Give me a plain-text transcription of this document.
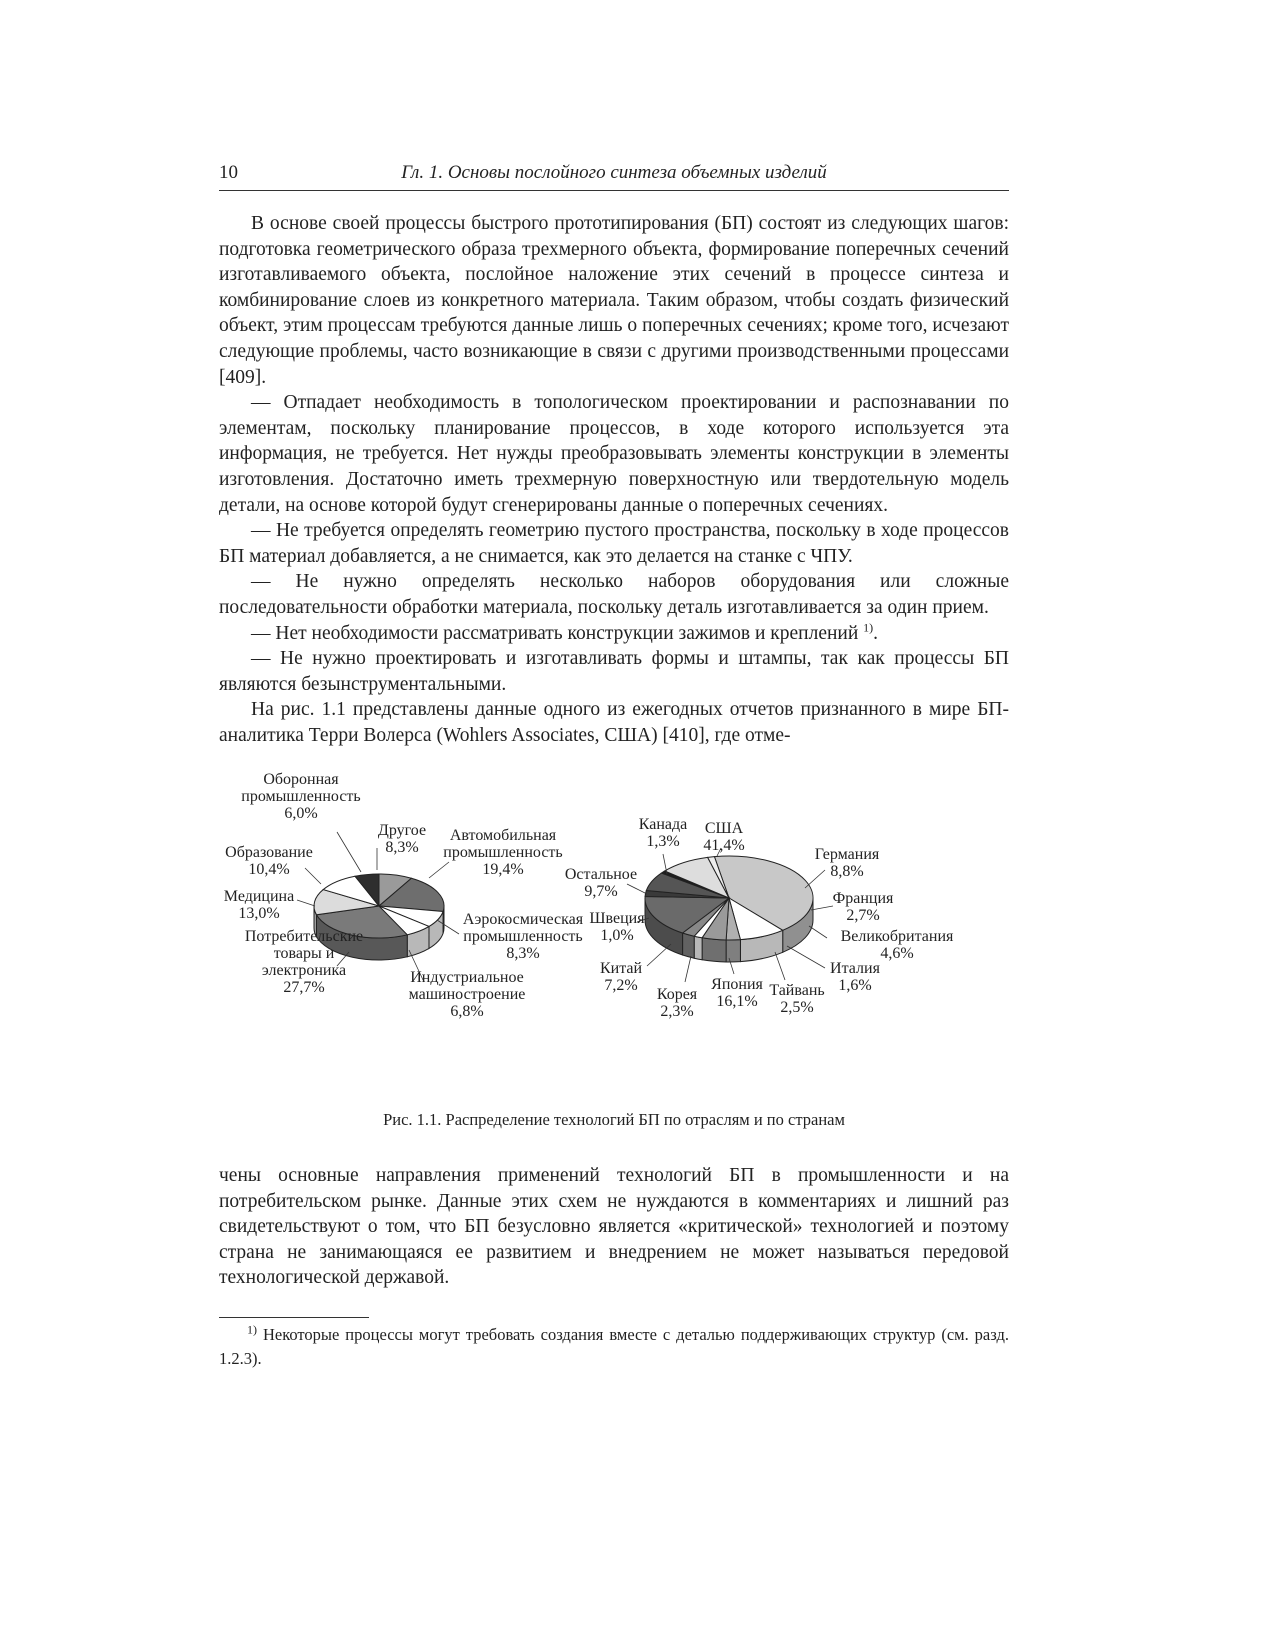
10	Гл. 1. Основы послойного синтеза объемных изделий

В основе своей процессы быстрого прототипирования (БП) состоят из следующих шагов: подготовка геометрического образа трехмерного объекта, формирование поперечных сечений изготавливаемого объекта, послойное наложение этих сечений в процессе синтеза и комбинирование слоев из конкретного материала. Таким образом, чтобы создать физический объект, этим процессам требуются данные лишь о поперечных сечениях; кроме того, исчезают следующие проблемы, часто возникающие в связи с другими производственными процессами [409].

— Отпадает необходимость в топологическом проектировании и распознавании по элементам, поскольку планирование процессов, в ходе которого используется эта информация, не требуется. Нет нужды преобразовывать элементы конструкции в элементы изготовления. Достаточно иметь трехмерную поверхностную или твердотельную модель детали, на основе которой будут сгенерированы данные о поперечных сечениях.

— Не требуется определять геометрию пустого пространства, поскольку в ходе процессов БП материал добавляется, а не снимается, как это делается на станке с ЧПУ.

— Не нужно определять несколько наборов оборудования или сложные последовательности обработки материала, поскольку деталь изготавливается за один прием.

— Нет необходимости рассматривать конструкции зажимов и креплений $^{1)}$.

— Не нужно проектировать и изготавливать формы и штампы, так как процессы БП являются безынструментальными.

На рис. 1.1 представлены данные одного из ежегодных отчетов признанного в мире БП-аналитика Терри Волерса (Wohlers Associates, США) [410], где отме-

Другое
8,3%
Автомобильная
промышленность
19,4%
Аэрокосмическая
промышленность
8,3%
Индустриальное
машиностроение
6,8%
Потребительские
товары и
электроника
27,7%
Медицина
13,0%
Образование
10,4%
Оборонная
промышленность
6,0%
США
41,4%
Германия
8,8%
Франция
2,7%
Великобритания
4,6%
Италия
1,6%
Тайвань
2,5%
Япония
16,1%
Корея
2,3%
Китай
7,2%
Швеция
1,0%
Остальное
9,7%
Канада
1,3%
Рис. 1.1. Распределение технологий БП по отраслям и по странам

чены основные направления применений технологий БП в промышленности и на потребительском рынке. Данные этих схем не нуждаются в комментариях и лишний раз свидетельствуют о том, что БП безусловно является «критической» технологией и поэтому страна не занимающаяся ее развитием и внедрением не может называться передовой технологической державой.

$^{1)}$ Некоторые процессы могут требовать создания вместе с деталью поддерживающих структур (см. разд. 1.2.3).
